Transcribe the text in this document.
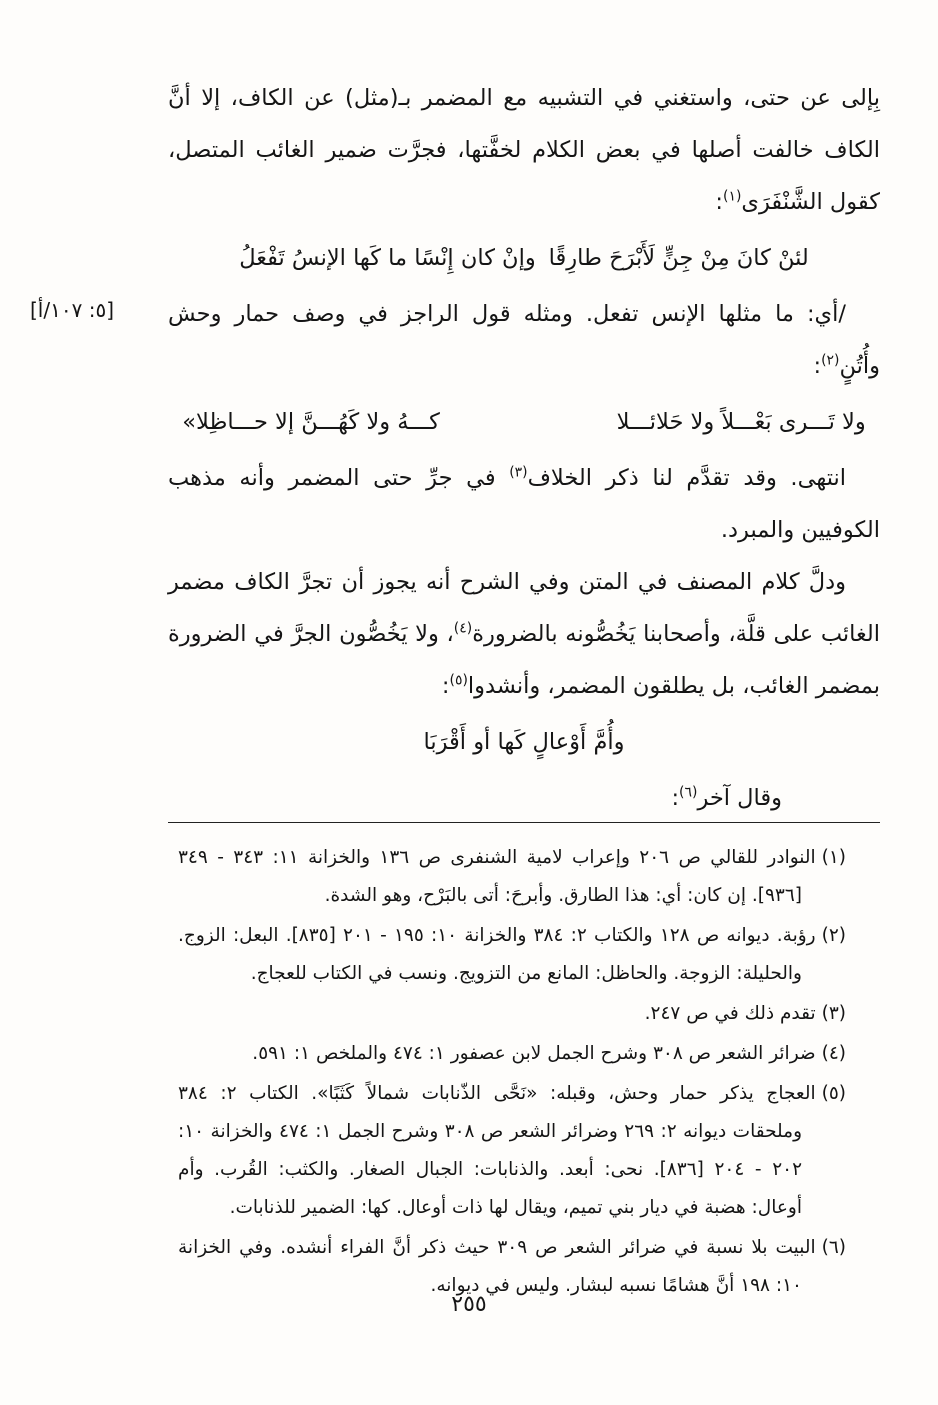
[٥: ١٠٧/أ]

بِإلى عن حتى، واستغني في التشبيه مع المضمر بـ(مثل) عن الكاف، إلا أنَّ الكاف خالفت أصلها في بعض الكلام لخفَّتها، فجرَّت ضمير الغائب المتصل، كقول الشَّنْفَرَى$^{(١)}$:

لئنْ كانَ مِنْ جِنٍّ لَأَبْرَحَ طارِقًا
وإنْ كان إِنْسًا ما كَها الإنسُ تَفْعَلُ

/أي: ما مثلها الإنس تفعل. ومثله قول الراجز في وصف حمار وحش وأُتُنٍ$^{(٢)}$:

ولا تَـــرى بَعْـــلاً ولا حَلائـــلا
كـــهُ ولا كَهُـــنَّ إلا حـــاظِلا»

انتهى. وقد تقدَّم لنا ذكر الخلاف$^{(٣)}$ في جرِّ حتى المضمر وأنه مذهب الكوفيين والمبرد.

ودلَّ كلام المصنف في المتن وفي الشرح أنه يجوز أن تجرَّ الكاف مضمر الغائب على قلَّة، وأصحابنا يَخُصُّونه بالضرورة$^{(٤)}$، ولا يَخُصُّون الجرَّ في الضرورة بمضمر الغائب، بل يطلقون المضمر، وأنشدوا$^{(٥)}$:

وأُمَّ أَوْعالٍ كَها أو أَقْرَبَا

وقال آخر$^{(٦)}$:

(١)النوادر للقالي ص ٢٠٦ وإعراب لامية الشنفرى ص ١٣٦ والخزانة ١١: ٣٤٣ - ٣٤٩ [٩٣٦]. إن كان: أي: هذا الطارق. وأبرحَ: أتى بالبَرْح، وهو الشدة.

(٢)رؤبة. ديوانه ص ١٢٨ والكتاب ٢: ٣٨٤ والخزانة ١٠: ١٩٥ - ٢٠١ [٨٣٥]. البعل: الزوج. والحليلة: الزوجة. والحاظل: المانع من التزويج. ونسب في الكتاب للعجاج.

(٣)تقدم ذلك في ص ٢٤٧.

(٤)ضرائر الشعر ص ٣٠٨ وشرح الجمل لابن عصفور ١: ٤٧٤ والملخص ١: ٥٩١.

(٥)العجاج يذكر حمار وحش، وقبله: «نَحَّى الذّنابات شمالاً كَثَبًا». الكتاب ٢: ٣٨٤ وملحقات ديوانه ٢: ٢٦٩ وضرائر الشعر ص ٣٠٨ وشرح الجمل ١: ٤٧٤ والخزانة ١٠: ٢٠٢ - ٢٠٤ [٨٣٦]. نحى: أبعد. والذنابات: الجبال الصغار. والكثب: القُرب. وأم أوعال: هضبة في ديار بني تميم، ويقال لها ذات أوعال. كها: الضمير للذنابات.

(٦)البيت بلا نسبة في ضرائر الشعر ص ٣٠٩ حيث ذكر أنَّ الفراء أنشده. وفي الخزانة ١٠: ١٩٨ أنَّ هشامًا نسبه لبشار. وليس في ديوانه.

٢٥٥
